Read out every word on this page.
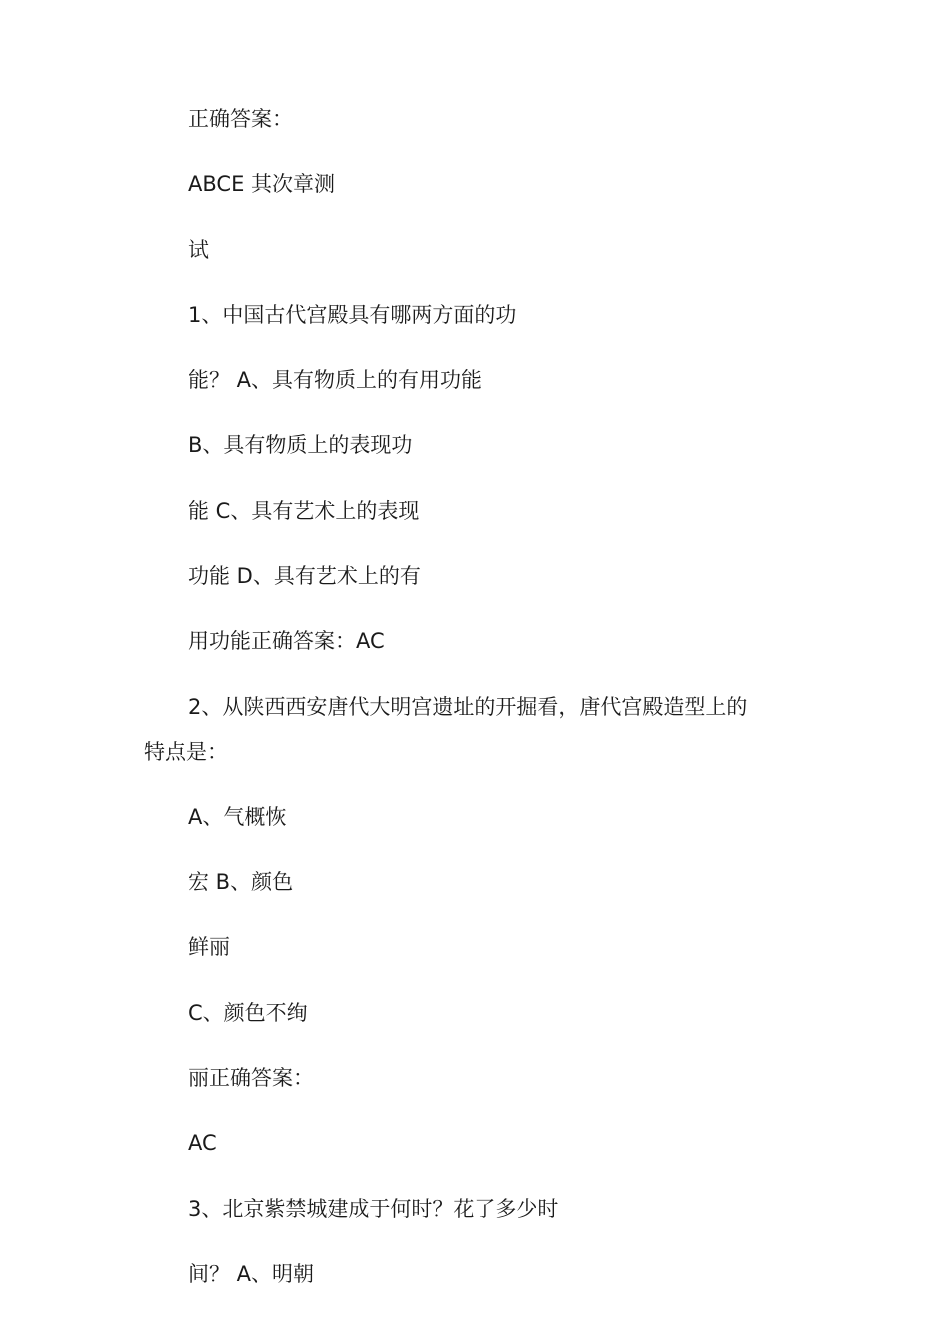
正确答案：
ABCE 其次章测
试
1、中国古代宫殿具有哪两方面的功
能？ A、具有物质上的有用功能
B、具有物质上的表现功
能 C、具有艺术上的表现
功能 D、具有艺术上的有
用功能正确答案：AC
2、从陕西西安唐代大明宫遗址的开掘看，唐代宫殿造型上的
特点是：
A、气概恢
宏 B、颜色
鲜丽
C、颜色不绚
丽正确答案：
AC
3、北京紫禁城建成于何时？花了多少时
间？ A、明朝
